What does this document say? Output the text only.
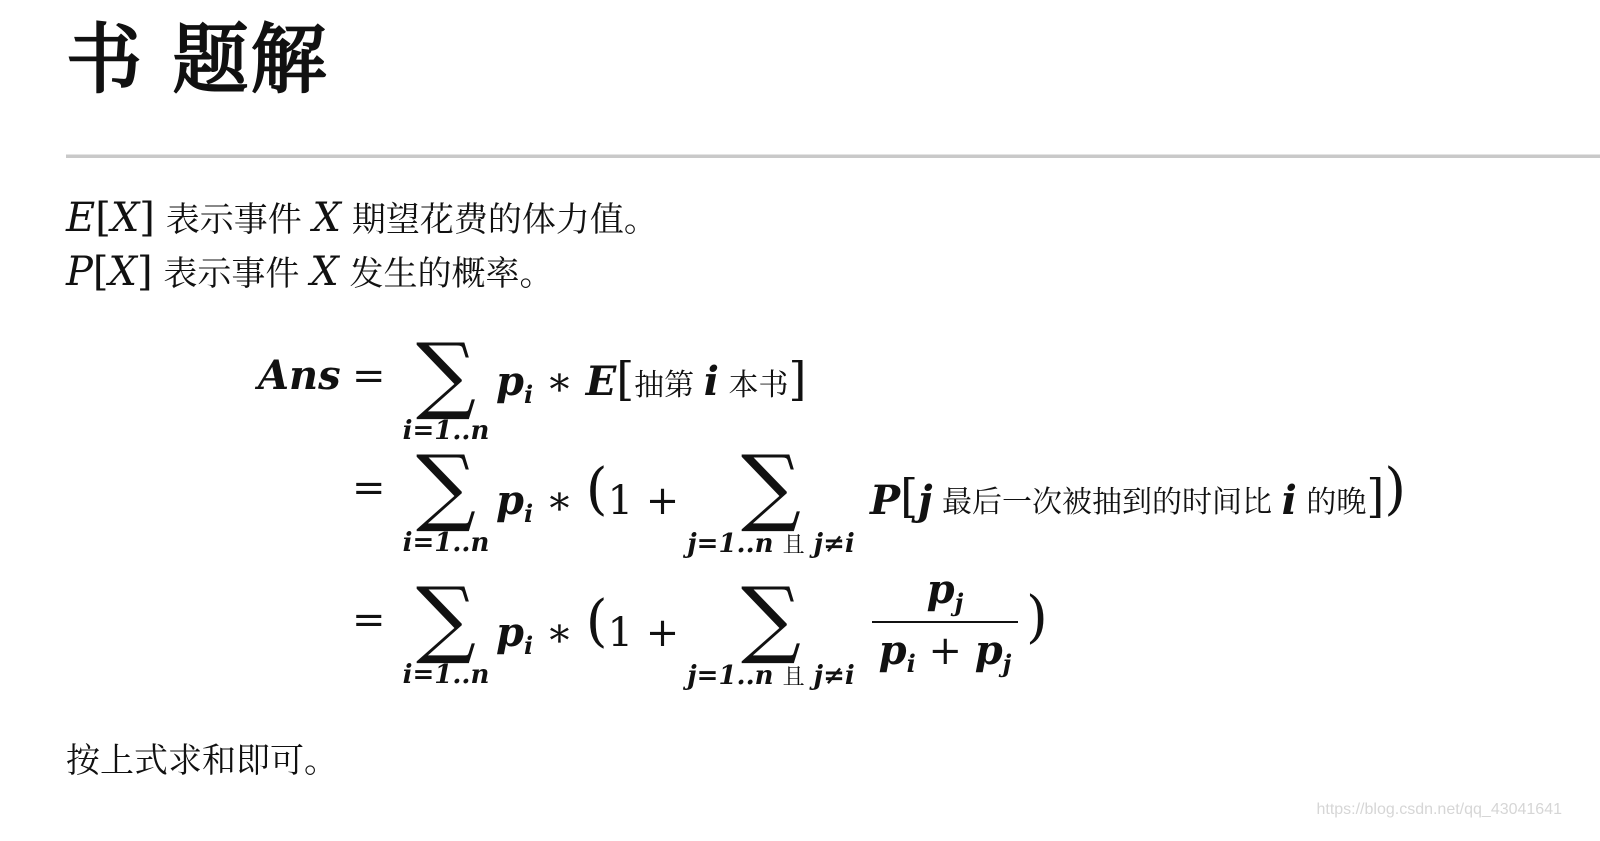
书 题解
E[X] 表示事件 X 期望花费的体力值。
P[X] 表示事件 X 发生的概率。
Ans = ∑
i=1..n
$p_i$ ∗ E[抽第 i 本书]
= ∑
i=1..n
$p_i$ ∗ (1 + ∑
j=1..n 且 j≠i
P[j 最后一次被抽到的时间比 i 的晚])
= ∑
i=1..n
$p_i$ ∗ (1 + ∑
j=1..n 且 j≠i
$p_j$
$p_i + p_j$
)
按上式求和即可。
https://blog.csdn.net/qq_43041641
